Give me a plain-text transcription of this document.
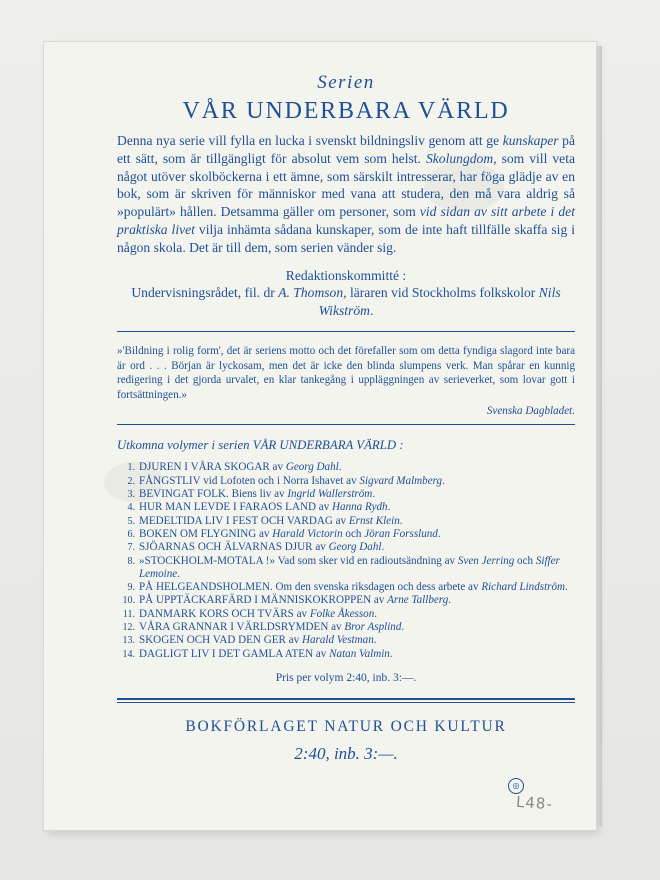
Serien
VÅR UNDERBARA VÄRLD
Denna nya serie vill fylla en lucka i svenskt bildningsliv genom att ge kunskaper på ett sätt, som är tillgängligt för absolut vem som helst. Skolungdom, som vill veta något utöver skolböckerna i ett ämne, som särskilt intresserar, har föga glädje av en bok, som är skriven för människor med vana att studera, den må vara aldrig så »populärt» hållen. Detsamma gäller om personer, som vid sidan av sitt arbete i det praktiska livet vilja inhämta sådana kunskaper, som de inte haft tillfälle skaffa sig i någon skola. Det är till dem, som serien vänder sig.
Redaktionskommitté :
Undervisningsrådet, fil. dr A. Thomson, läraren vid Stockholms folkskolor Nils Wikström.
»'Bildning i rolig form', det är seriens motto och det förefaller som om detta fyndiga slagord inte bara är ord . . . Början är lyckosam, men det är icke den blinda slumpens verk. Man spårar en kunnig redigering i det gjorda urvalet, en klar tankegång i uppläggningen av serieverket, som lovar gott i fortsättningen.»
Svenska Dagbladet.
Utkomna volymer i serien VÅR UNDERBARA VÄRLD :
1. DJUREN I VÅRA SKOGAR av Georg Dahl.
2. FÅNGSTLIV vid Lofoten och i Norra Ishavet av Sigvard Malmberg.
3. BEVINGAT FOLK. Biens liv av Ingrid Wallerström.
4. HUR MAN LEVDE I FARAOS LAND av Hanna Rydh.
5. MEDELTIDA LIV I FEST OCH VARDAG av Ernst Klein.
6. BOKEN OM FLYGNING av Harald Victorin och Jöran Forsslund.
7. SJÖARNAS OCH ÄLVARNAS DJUR av Georg Dahl.
8. »STOCKHOLM-MOTALA !» Vad som sker vid en radioutsändning av Sven Jerring och Siffer Lemoine.
9. PÅ HELGEANDSHOLMEN. Om den svenska riksdagen och dess arbete av Richard Lindström.
10. PÅ UPPTÄCKARFÄRD I MÄNNISKOKROPPEN av Arne Tallberg.
11. DANMARK KORS OCH TVÄRS av Folke Åkesson.
12. VÅRA GRANNAR I VÄRLDSRYMDEN av Bror Asplind.
13. SKOGEN OCH VAD DEN GER av Harald Vestman.
14. DAGLIGT LIV I DET GAMLA ATEN av Natan Valmin.
Pris per volym 2:40, inb. 3:—.
BOKFÖRLAGET NATUR OCH KULTUR
2:40, inb. 3:—.
◎
L48-
